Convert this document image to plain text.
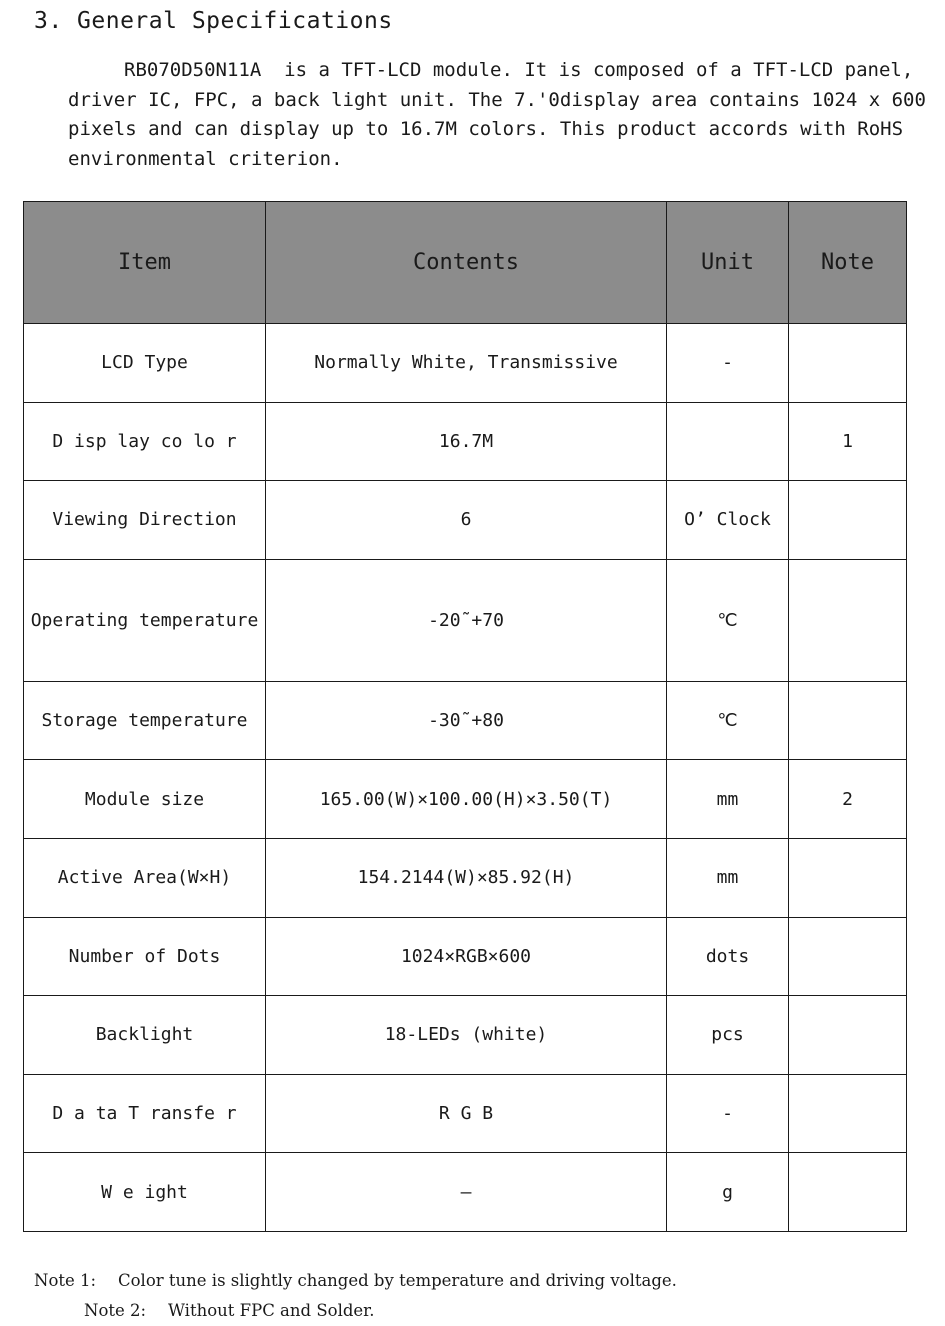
3. General Specifications
RB070D50N11A  is a TFT-LCD module. It is composed of a TFT-LCD panel,
driver IC, FPC, a back light unit. The 7.'0display area contains 1024 x 600
pixels and can display up to 16.7M colors. This product accords with RoHS
environmental criterion.
Item	Contents	Unit	Note
LCD Type	Normally White, Transmissive	-	
D isp lay co lo r	16.7M		1
Viewing Direction	6	O’ Clock	
Operating temperature	-20˜+70	℃	
Storage temperature	-30˜+80	℃	
Module size	165.00(W)×100.00(H)×3.50(T)	mm	2
Active Area(W×H)	154.2144(W)×85.92(H)	mm	
Number of Dots	1024×RGB×600	dots	
Backlight	18-LEDs (white)	pcs	
D a ta T ransfe r	R G B	-	
W e ight	—	g	
Note 1: Color tune is slightly changed by temperature and driving voltage.
Note 2: Without FPC and Solder.
